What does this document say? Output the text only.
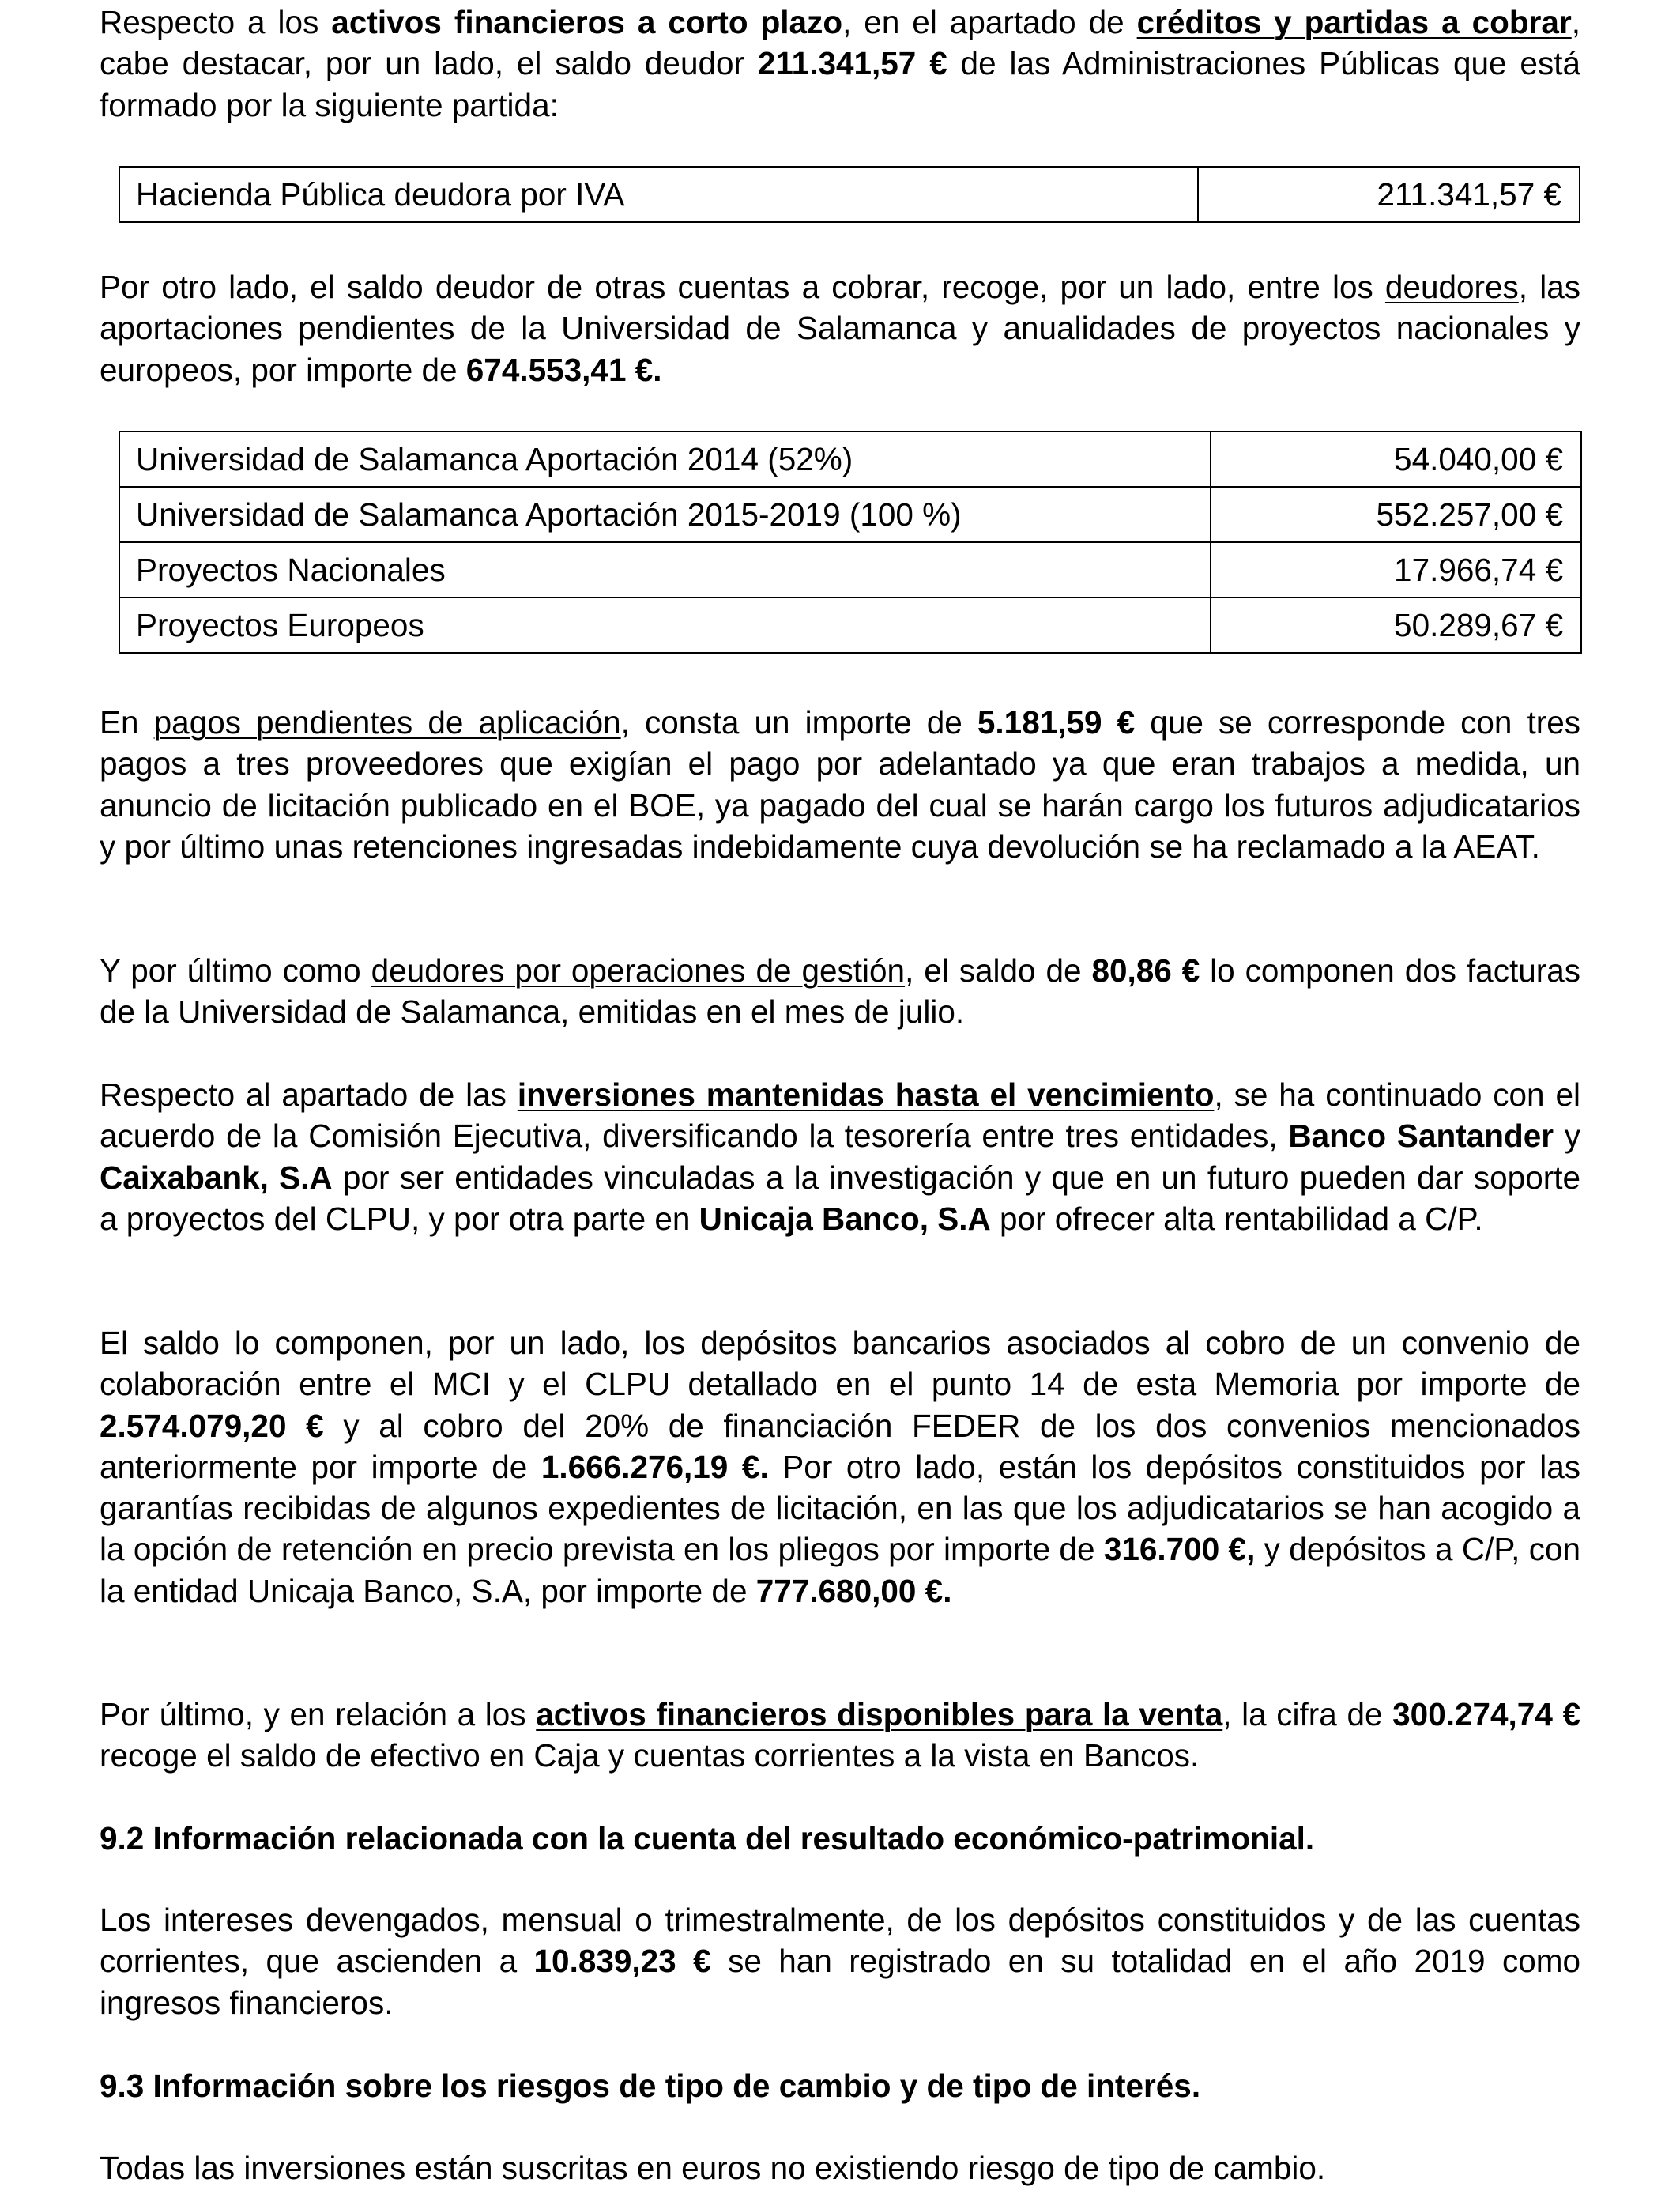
Respecto a los activos financieros a corto plazo, en el apartado de créditos y partidas a cobrar, cabe destacar, por un lado, el saldo deudor 211.341,57 € de las Administraciones Públicas que está formado por la siguiente partida:

Hacienda Pública deudora por IVA	211.341,57 €

Por otro lado, el saldo deudor de otras cuentas a cobrar, recoge, por un lado, entre los deudores, las aportaciones pendientes de la Universidad de Salamanca y anualidades de proyectos nacionales y europeos, por importe de 674.553,41 €.

Universidad de Salamanca Aportación 2014 (52%)	54.040,00 €
Universidad de Salamanca Aportación 2015-2019 (100 %)	552.257,00 €
Proyectos Nacionales	17.966,74 €
Proyectos Europeos	50.289,67 €

En pagos pendientes de aplicación, consta un importe de 5.181,59 € que se corresponde con tres pagos a tres proveedores que exigían el pago por adelantado ya que eran trabajos a medida, un anuncio de licitación publicado en el BOE, ya pagado del cual se harán cargo los futuros adjudicatarios y por último unas retenciones ingresadas indebidamente cuya devolución se ha reclamado a la AEAT.

Y por último como deudores por operaciones de gestión, el saldo de 80,86 € lo componen dos facturas de la Universidad de Salamanca, emitidas en el mes de julio.

Respecto al apartado de las inversiones mantenidas hasta el vencimiento, se ha continuado con el acuerdo de la Comisión Ejecutiva, diversificando la tesorería entre tres entidades, Banco Santander y Caixabank, S.A por ser entidades vinculadas a la investigación y que en un futuro pueden dar soporte a proyectos del CLPU, y por otra parte en Unicaja Banco, S.A por ofrecer alta rentabilidad a C/P.

El saldo lo componen, por un lado, los depósitos bancarios asociados al cobro de un convenio de colaboración entre el MCI y el CLPU detallado en el punto 14 de esta Memoria por importe de 2.574.079,20 € y al cobro del 20% de financiación FEDER de los dos convenios mencionados anteriormente por importe de 1.666.276,19 €. Por otro lado, están los depósitos constituidos por las garantías recibidas de algunos expedientes de licitación, en las que los adjudicatarios se han acogido a la opción de retención en precio prevista en los pliegos por importe de 316.700 €, y depósitos a C/P, con la entidad Unicaja Banco, S.A, por importe de 777.680,00 €.

Por último, y en relación a los activos financieros disponibles para la venta, la cifra de 300.274,74 € recoge el saldo de efectivo en Caja y cuentas corrientes a la vista en Bancos.

9.2 Información relacionada con la cuenta del resultado económico-patrimonial.

Los intereses devengados, mensual o trimestralmente, de los depósitos constituidos y de las cuentas corrientes, que ascienden a 10.839,23 € se han registrado en su totalidad en el año 2019 como ingresos financieros.

9.3 Información sobre los riesgos de tipo de cambio y de tipo de interés.

Todas las inversiones están suscritas en euros no existiendo riesgo de tipo de cambio.
